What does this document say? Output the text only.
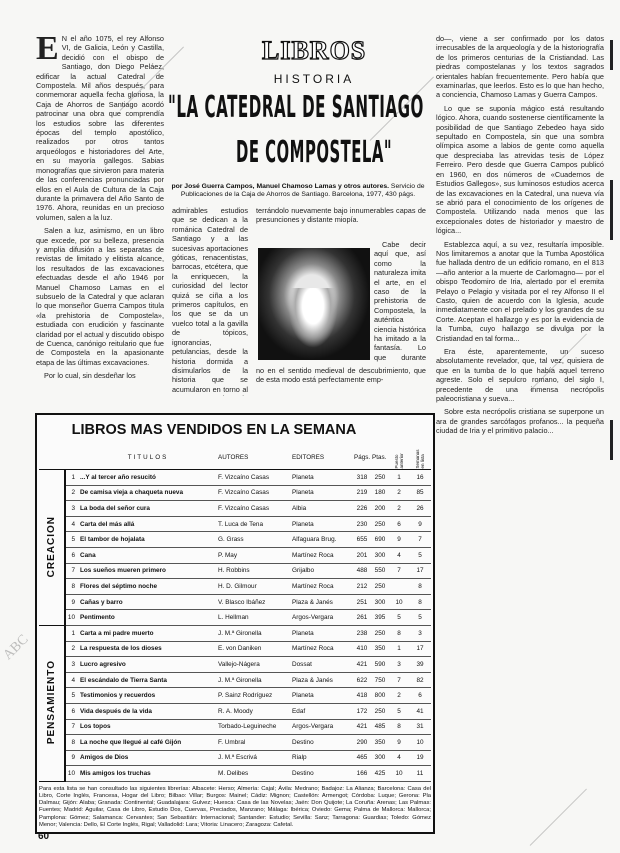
ABC
LIBROS
HISTORIA
"LA CATEDRAL DE SANTIAGO
DE COMPOSTELA"
por José Guerra Campos, Manuel Chamoso Lamas y otros autores. Servicio de Publicaciones de la Caja de Ahorros de Santiago. Barcelona, 1977, 430 págs.

E N el año 1075, el rey Alfonso VI, de Galicia, León y Castilla, decidió con el obispo de Santiago, don Diego Peláez, edificar la actual Catedral de Compostela. Mil años después, para conmemorar aquella fecha gloriosa, la Caja de Ahorros de Santiago acordó patrocinar una obra que comprendía los estudios sobre las diferentes épocas del templo apostólico, realizados por otros tantos arqueólogos e historiadores del Arte, en su mayoría gallegos. Sabias monografías que sirvieron para materia de las conferencias pronunciadas por ellos en el Aula de Cultura de la Caja durante la primavera del Año Santo de 1976. Ahora, reunidas en un precioso volumen, salen a la luz.

Salen a luz, asimismo, en un libro que excede, por su belleza, presencia y amplia difusión a las separatas de revistas de limitado y elitista alcance, los resultados de las excavaciones efectuadas desde el año 1946 por Manuel Chamoso Lamas en el subsuelo de la Catedral y que aclaran lo que monseñor Guerra Campos titula «la prehistoria de Compostela», estudiada con erudición y fascinante claridad por el actual y discutido obispo de Cuenca, canónigo reitulario que fue de Compostela en la apasionante etapa de las últimas excavaciones.

Por lo cual, sin desdeñar los

admirables estudios que se dedican a la románica Catedral de Santiago y a las sucesivas aportaciones góticas, renacentistas, barrocas, etcétera, que la enriquecen, la curiosidad del lector quizá se ciña a los primeros capítulos, en los que se da un vuelco total a la gavilla de tópicos, ignorancias, petulancias, desde la historia dormida a disimularlos de la historia que se acumularon en torno al

terrándolo nuevamente bajo innumerables capas de presunciones y distante miopía.

Cabe decir aquí que, así como la naturaleza imita el arte, en el caso de la prehistoria de Compostela, la auténtica ciencia histórica ha imitado a la fantasía. Lo que durante

no en el sentido medieval de descubrimiento, que de esta modo está perfectamente emp-

do—, viene a ser confirmado por los datos irrecusables de la arqueología y de la historiografía de los primeros centurias de la Cristiandad. Las piedras compostelanas y los textos sagrados orientales habían frecuentemente. Pero había que examinarlas, que leerlos. Esto es lo que han hecho, a conciencia, Chamoso Lamas y Guerra Campos.

Lo que se suponía mágico está resultando lógico. Ahora, cuando sostenerse científicamente la posibilidad de que Santiago Zebedeo haya sido sepultado en Compostela, sin que una sombra olímpica asome a labios de gente como aquella que despreciaba las atrevidas tesis de López Ferreiro. Pero desde que Guerra Campos publicó en 1960, en dos números de «Cuadernos de Estudios Gallegos», sus luminosos estudios acerca de las excavaciones en la Catedral, una nueva vía se abrió para el conocimiento de los orígenes de Compostela. Utilizando nada menos que las excepcionales dotes de historiador y maestro de lógica...

Establezca aquí, a su vez, resultaría imposible. Nos limitaremos a anotar que la Tumba Apostólica fue hallada dentro de un edificio romano, en el 813 —año anterior a la muerte de Carlomagno— por el obispo Teodomiro de Iria, alertado por el eremita Pelayo o Pelagio y visitada por el rey Alfonso II el Casto, quien de acuerdo con la Iglesia, acude inmediatamente con el prelado y los grandes de su Corte. Aceptan el hallazgo y es por la evidencia de la Tumba, cuyo hallazgo se divulga por la Cristiandad en tal forma...

Era éste, aparentemente, un suceso absolutamente revelador, que, tal vez, quisiera de que en la tumba de lo que había aquel terreno agreste. Solo el sepulcro romano, del siglo I, precedente de una inmensa necrópolis paleocristiana y sueva...

Sobre esta necrópolis cristiana se superpone un ara de grandes sarcófagos profanos... la pequeña ciudad de Iria y el primitivo palacio...

LIBROS MAS VENDIDOS EN LA SEMANA
		TITULOS	AUTORES	EDITORES	Págs.	Ptas.	Puesto anterior	Semanas en lista
CREACION	1	...Y al tercer año resucitó	F. Vizcaíno Casas	Planeta	318	250	1	16
	2	De camisa vieja a chaqueta nueva	F. Vizcaíno Casas	Planeta	219	180	2	85
	3	La boda del señor cura	F. Vizcaíno Casas	Albia	226	200	2	26
	4	Carta del más allá	T. Luca de Tena	Planeta	230	250	6	9
	5	El tambor de hojalata	G. Grass	Alfaguara Brug.	655	690	9	7
	6	Cana	P. May	Martínez Roca	201	300	4	5
	7	Los sueños mueren primero	H. Robbins	Grijalbo	488	550	7	17
	8	Flores del séptimo noche	H. D. Gilmour	Martínez Roca	212	250		8
	9	Cañas y barro	V. Blasco Ibáñez	Plaza & Janés	251	300	10	8
	10	Pentimento	L. Hellman	Argos-Vergara	261	395	5	5
PENSAMIENTO	1	Carta a mi padre muerto	J. M.ª Gironella	Planeta	238	250	8	3
	2	La respuesta de los dioses	E. von Daniken	Martínez Roca	410	350	1	17
	3	Lucro agresivo	Vallejo-Nágera	Dossat	421	590	3	39
	4	El escándalo de Tierra Santa	J. M.ª Gironella	Plaza & Janés	622	750	7	82
	5	Testimonios y recuerdos	P. Sainz Rodríguez	Planeta	418	800	2	6
	6	Vida después de la vida	R. A. Moody	Edaf	172	250	5	41
	7	Los topos	Torbado-Leguineche	Argos-Vergara	421	485	8	31
	8	La noche que llegué al café Gijón	F. Umbral	Destino	290	350	9	10
	9	Amigos de Dios	J. M.ª Escrivá	Rialp	465	300	4	19
	10	Mis amigos los truchas	M. Delibes	Destino	166	425	10	11
Para esta lista se han consultado las siguientes librerías: Albacete: Herso; Almería: Cajal; Ávila: Medrano; Badajoz: La Alianza; Barcelona: Casa del Libro, Corte Inglés, Francesa, Hogar del Libro; Bilbao: Villar; Burgos: Mainel; Cádiz: Mignon; Castellón: Armengot; Córdoba: Luque; Gerona: Pla Dalmau; Gijón: Alaba; Granada: Continental; Guadalajara: Gulvez; Huesca: Casa de las Novelas; Jaén: Don Quijote; La Coruña: Arenas; Las Palmas: Fuentes; Madrid: Aguilar, Casa de Libro, Estudio Dos, Cuervas, Preciados, Manzano; Málaga: Ibérica; Oviedo: Gema; Palma de Mallorca: Mallorca; Pamplona: Gómez; Salamanca: Cervantes; San Sebastián: Internacional; Santander: Estudio; Sevilla: Sanz; Tarragona: Guardias; Toledo: Gómez Menor; Valencia: Dello, El Corte Inglés, Rigal; Valladolid: Lara; Vitoria: Linacero; Zaragoza: Cafetal.
60
